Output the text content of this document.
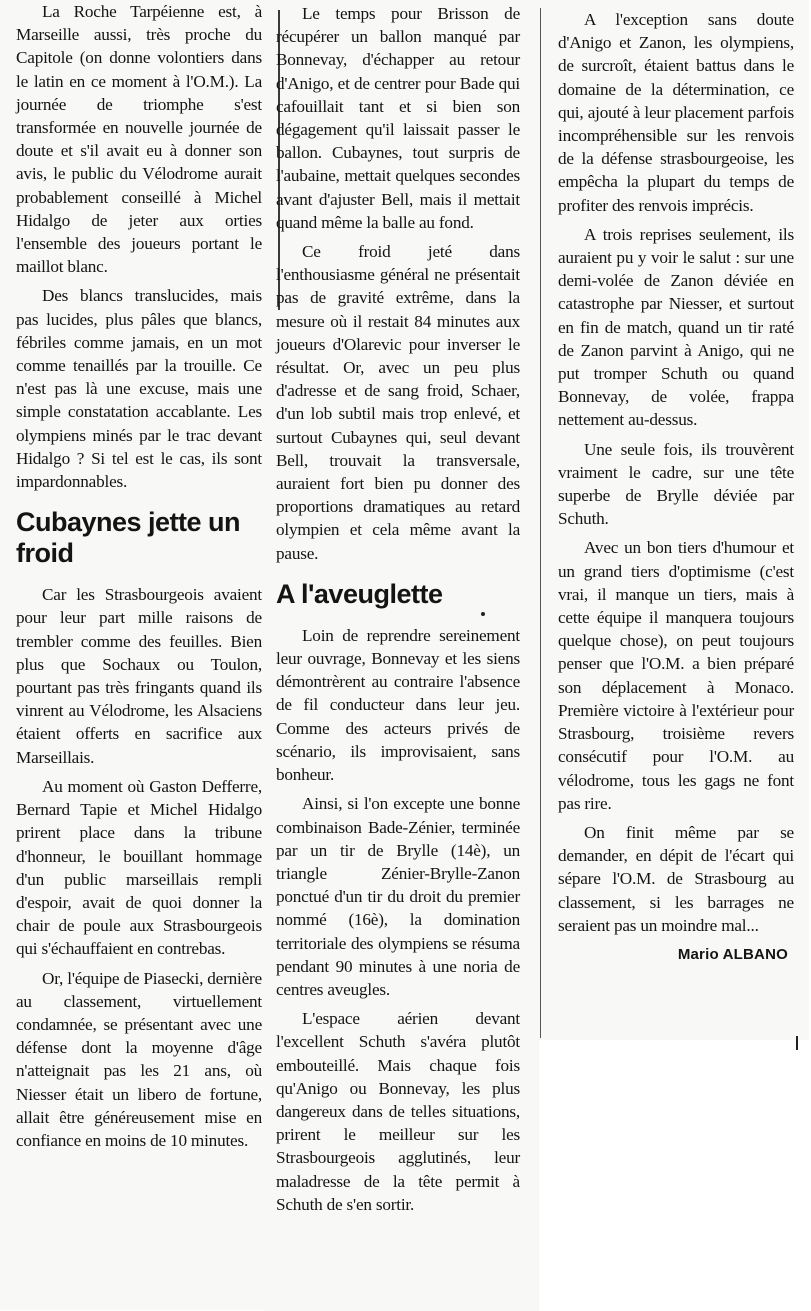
La Roche Tarpéienne est, à Marseille aussi, très proche du Capitole (on donne volontiers dans le latin en ce moment à l'O.M.). La journée de triomphe s'est transformée en nouvelle journée de doute et s'il avait eu à donner son avis, le public du Vélodrome aurait probablement conseillé à Michel Hidalgo de jeter aux orties l'ensemble des joueurs portant le maillot blanc.

Des blancs translucides, mais pas lucides, plus pâles que blancs, fébriles comme jamais, en un mot comme tenaillés par la trouille. Ce n'est pas là une excuse, mais une simple constatation accablante. Les olympiens minés par le trac devant Hidalgo ? Si tel est le cas, ils sont impardonnables.

Cubaynes jette un froid

Car les Strasbourgeois avaient pour leur part mille raisons de trembler comme des feuilles. Bien plus que Sochaux ou Toulon, pourtant pas très fringants quand ils vinrent au Vélodrome, les Alsaciens étaient offerts en sacrifice aux Marseillais.

Au moment où Gaston Defferre, Bernard Tapie et Michel Hidalgo prirent place dans la tribune d'honneur, le bouillant hommage d'un public marseillais rempli d'espoir, avait de quoi donner la chair de poule aux Strasbourgeois qui s'échauffaient en contrebas.

Or, l'équipe de Piasecki, dernière au classement, virtuellement condamnée, se présentant avec une défense dont la moyenne d'âge n'atteignait pas les 21 ans, où Niesser était un libero de fortune, allait être généreusement mise en confiance en moins de 10 minutes.

Le temps pour Brisson de récupérer un ballon manqué par Bonnevay, d'échapper au retour d'Anigo, et de centrer pour Bade qui cafouillait tant et si bien son dégagement qu'il laissait passer le ballon. Cubaynes, tout surpris de l'aubaine, mettait quelques secondes avant d'ajuster Bell, mais il mettait quand même la balle au fond.

Ce froid jeté dans l'enthousiasme général ne présentait pas de gravité extrême, dans la mesure où il restait 84 minutes aux joueurs d'Olarevic pour inverser le résultat. Or, avec un peu plus d'adresse et de sang froid, Schaer, d'un lob subtil mais trop enlevé, et surtout Cubaynes qui, seul devant Bell, trouvait la transversale, auraient fort bien pu donner des proportions dramatiques au retard olympien et cela même avant la pause.

A l'aveuglette

Loin de reprendre sereinement leur ouvrage, Bonnevay et les siens démontrèrent au contraire l'absence de fil conducteur dans leur jeu. Comme des acteurs privés de scénario, ils improvisaient, sans bonheur.

Ainsi, si l'on excepte une bonne combinaison Bade-Zénier, terminée par un tir de Brylle (14è), un triangle Zénier-Brylle-Zanon ponctué d'un tir du droit du premier nommé (16è), la domination territoriale des olympiens se résuma pendant 90 minutes à une noria de centres aveugles.

L'espace aérien devant l'excellent Schuth s'avéra plutôt embouteillé. Mais chaque fois qu'Anigo ou Bonnevay, les plus dangereux dans de telles situations, prirent le meilleur sur les Strasbourgeois agglutinés, leur maladresse de la tête permit à Schuth de s'en sortir.

A l'exception sans doute d'Anigo et Zanon, les olympiens, de surcroît, étaient battus dans le domaine de la détermination, ce qui, ajouté à leur placement parfois incompréhensible sur les renvois de la défense strasbourgeoise, les empêcha la plupart du temps de profiter des renvois imprécis.

A trois reprises seulement, ils auraient pu y voir le salut : sur une demi-volée de Zanon déviée en catastrophe par Niesser, et surtout en fin de match, quand un tir raté de Zanon parvint à Anigo, qui ne put tromper Schuth ou quand Bonnevay, de volée, frappa nettement au-dessus.

Une seule fois, ils trouvèrent vraiment le cadre, sur une tête superbe de Brylle déviée par Schuth.

Avec un bon tiers d'humour et un grand tiers d'optimisme (c'est vrai, il manque un tiers, mais à cette équipe il manquera toujours quelque chose), on peut toujours penser que l'O.M. a bien préparé son déplacement à Monaco. Première victoire à l'extérieur pour Strasbourg, troisième revers consécutif pour l'O.M. au vélodrome, tous les gags ne font pas rire.

On finit même par se demander, en dépit de l'écart qui sépare l'O.M. de Strasbourg au classement, si les barrages ne seraient pas un moindre mal...

Mario ALBANO
